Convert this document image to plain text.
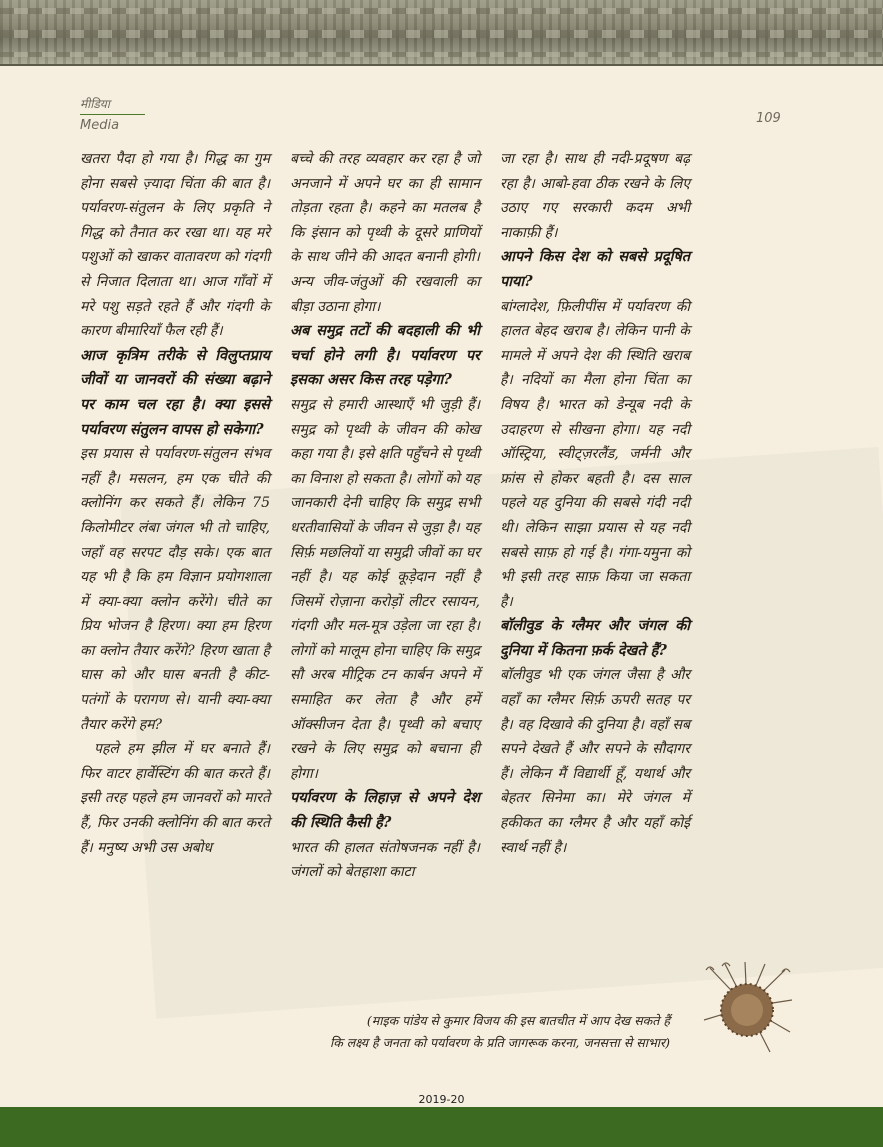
मीडिया
Media	109

खतरा पैदा हो गया है। गिद्ध का गुम होना सबसे ज़्यादा चिंता की बात है। पर्यावरण-संतुलन के लिए प्रकृति ने गिद्ध को तैनात कर रखा था। यह मरे पशुओं को खाकर वातावरण को गंदगी से निजात दिलाता था। आज गाँवों में मरे पशु सड़ते रहते हैं और गंदगी के कारण बीमारियाँ फैल रही हैं।

आज कृत्रिम तरीके से विलुप्तप्राय जीवों या जानवरों की संख्या बढ़ाने पर काम चल रहा है। क्या इससे पर्यावरण संतुलन वापस हो सकेगा?

इस प्रयास से पर्यावरण-संतुलन संभव नहीं है। मसलन, हम एक चीते की क्लोनिंग कर सकते हैं। लेकिन 75 किलोमीटर लंबा जंगल भी तो चाहिए, जहाँ वह सरपट दौड़ सके। एक बात यह भी है कि हम विज्ञान प्रयोगशाला में क्या-क्या क्लोन करेंगे। चीते का प्रिय भोजन है हिरण। क्या हम हिरण का क्लोन तैयार करेंगे? हिरण खाता है घास को और घास बनती है कीट-पतंगों के परागण से। यानी क्या-क्या तैयार करेंगे हम?

पहले हम झील में घर बनाते हैं। फिर वाटर हार्वेस्टिंग की बात करते हैं। इसी तरह पहले हम जानवरों को मारते हैं, फिर उनकी क्लोनिंग की बात करते हैं। मनुष्य अभी उस अबोध

बच्चे की तरह व्यवहार कर रहा है जो अनजाने में अपने घर का ही सामान तोड़ता रहता है। कहने का मतलब है कि इंसान को पृथ्वी के दूसरे प्राणियों के साथ जीने की आदत बनानी होगी। अन्य जीव-जंतुओं की रखवाली का बीड़ा उठाना होगा।

अब समुद्र तटों की बदहाली की भी चर्चा होने लगी है। पर्यावरण पर इसका असर किस तरह पड़ेगा?

समुद्र से हमारी आस्थाएँ भी जुड़ी हैं। समुद्र को पृथ्वी के जीवन की कोख कहा गया है। इसे क्षति पहुँचने से पृथ्वी का विनाश हो सकता है। लोगों को यह जानकारी देनी चाहिए कि समुद्र सभी धरतीवासियों के जीवन से जुड़ा है। यह सिर्फ़ मछलियों या समुद्री जीवों का घर नहीं है। यह कोई कूड़ेदान नहीं है जिसमें रोज़ाना करोड़ों लीटर रसायन, गंदगी और मल-मूत्र उड़ेला जा रहा है। लोगों को मालूम होना चाहिए कि समुद्र सौ अरब मीट्रिक टन कार्बन अपने में समाहित कर लेता है और हमें ऑक्सीजन देता है। पृथ्वी को बचाए रखने के लिए समुद्र को बचाना ही होगा।

पर्यावरण के लिहाज़ से अपने देश की स्थिति कैसी है?

भारत की हालत संतोषजनक नहीं है। जंगलों को बेतहाशा काटा

जा रहा है। साथ ही नदी-प्रदूषण बढ़ रहा है। आबो-हवा ठीक रखने के लिए उठाए गए सरकारी कदम अभी नाकाफ़ी हैं।

आपने किस देश को सबसे प्रदूषित पाया?

बांग्लादेश, फ़िलीपींस में पर्यावरण की हालत बेहद खराब है। लेकिन पानी के मामले में अपने देश की स्थिति खराब है। नदियों का मैला होना चिंता का विषय है। भारत को डेन्यूब नदी के उदाहरण से सीखना होगा। यह नदी ऑस्ट्रिया, स्वीट्ज़रलैंड, जर्मनी और फ्रांस से होकर बहती है। दस साल पहले यह दुनिया की सबसे गंदी नदी थी। लेकिन साझा प्रयास से यह नदी सबसे साफ़ हो गई है। गंगा-यमुना को भी इसी तरह साफ़ किया जा सकता है।

बॉलीवुड के ग्लैमर और जंगल की दुनिया में कितना फ़र्क देखते हैं?

बॉलीवुड भी एक जंगल जैसा है और वहाँ का ग्लैमर सिर्फ़ ऊपरी सतह पर है। वह दिखावे की दुनिया है। वहाँ सब सपने देखते हैं और सपने के सौदागर हैं। लेकिन मैं विद्यार्थी हूँ, यथार्थ और बेहतर सिनेमा का। मेरे जंगल में हकीकत का ग्लैमर है और यहाँ कोई स्वार्थ नहीं है।

(माइक पांडेय से कुमार विजय की इस बातचीत में आप देख सकते हैं
कि लक्ष्य है जनता को पर्यावरण के प्रति जागरूक करना, जनसत्ता से साभार)
2019-20
